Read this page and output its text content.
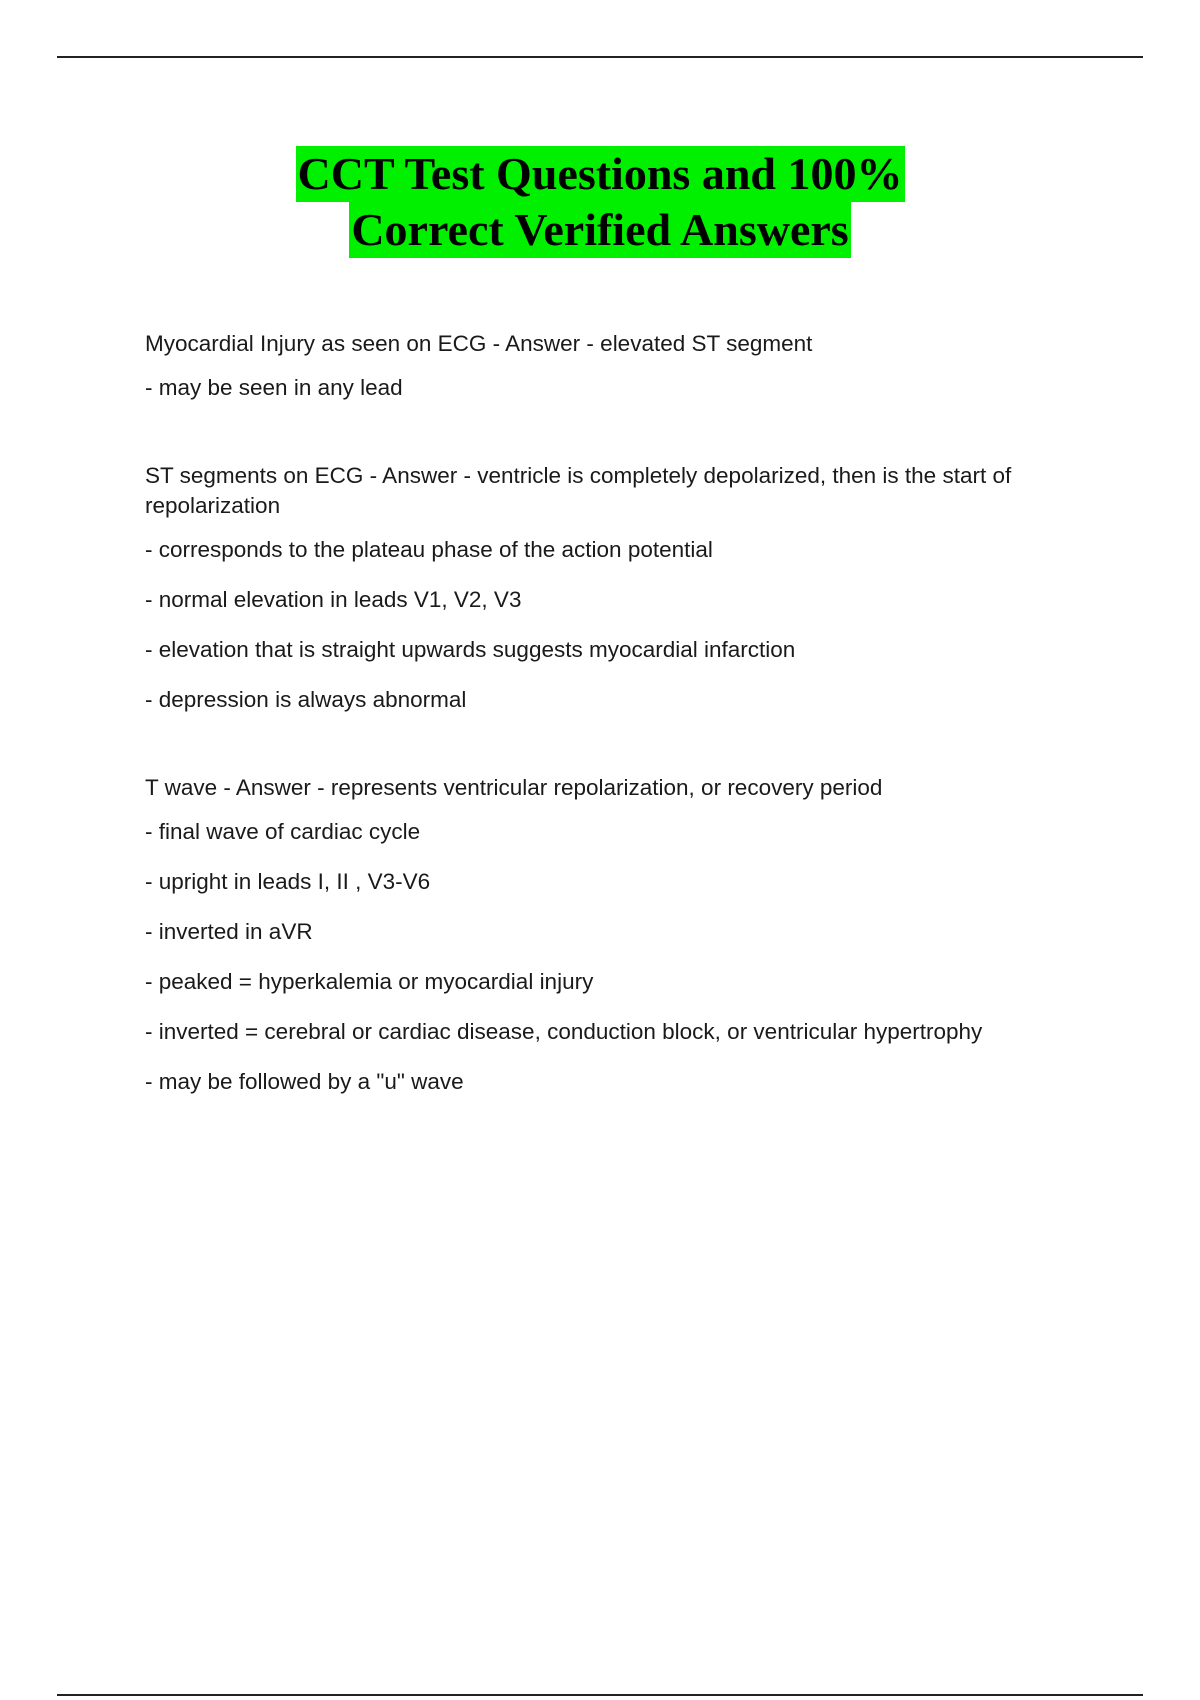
CCT Test Questions and 100%
Correct Verified Answers

Myocardial Injury as seen on ECG - Answer - elevated ST segment

- may be seen in any lead

ST segments on ECG - Answer - ventricle is completely depolarized, then is the start of repolarization

- corresponds to the plateau phase of the action potential

- normal elevation in leads V1, V2, V3

- elevation that is straight upwards suggests myocardial infarction

- depression is always abnormal

T wave - Answer - represents ventricular repolarization, or recovery period

- final wave of cardiac cycle

- upright in leads I, II , V3-V6

- inverted in aVR

- peaked = hyperkalemia or myocardial injury

- inverted = cerebral or cardiac disease, conduction block, or ventricular hypertrophy

- may be followed by a "u" wave
